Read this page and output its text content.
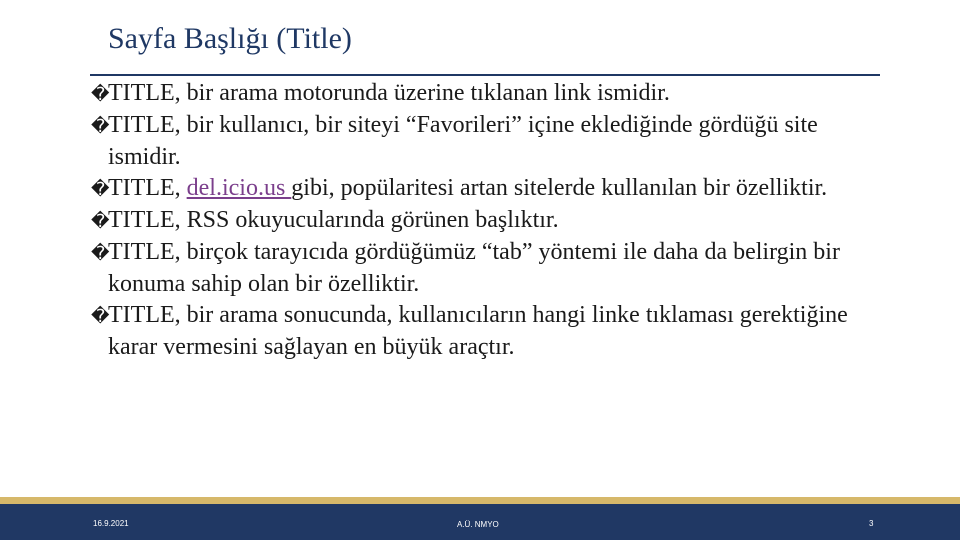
Sayfa Başlığı (Title)

�TITLE, bir arama motorunda üzerine tıklanan link ismidir.

�TITLE, bir kullanıcı, bir siteyi “Favorileri” içine eklediğinde gördüğü site ismidir.

�TITLE, del.icio.us gibi, popülaritesi artan sitelerde kullanılan bir özelliktir.

�TITLE, RSS okuyucularında görünen başlıktır.

�TITLE, birçok tarayıcıda gördüğümüz “tab” yöntemi ile daha da belirgin bir konuma sahip olan bir özelliktir.

�TITLE, bir arama sonucunda, kullanıcıların hangi linke tıklaması gerektiğine karar vermesini sağlayan en büyük araçtır.

16.9.2021	A.Ü. NMYO	3
